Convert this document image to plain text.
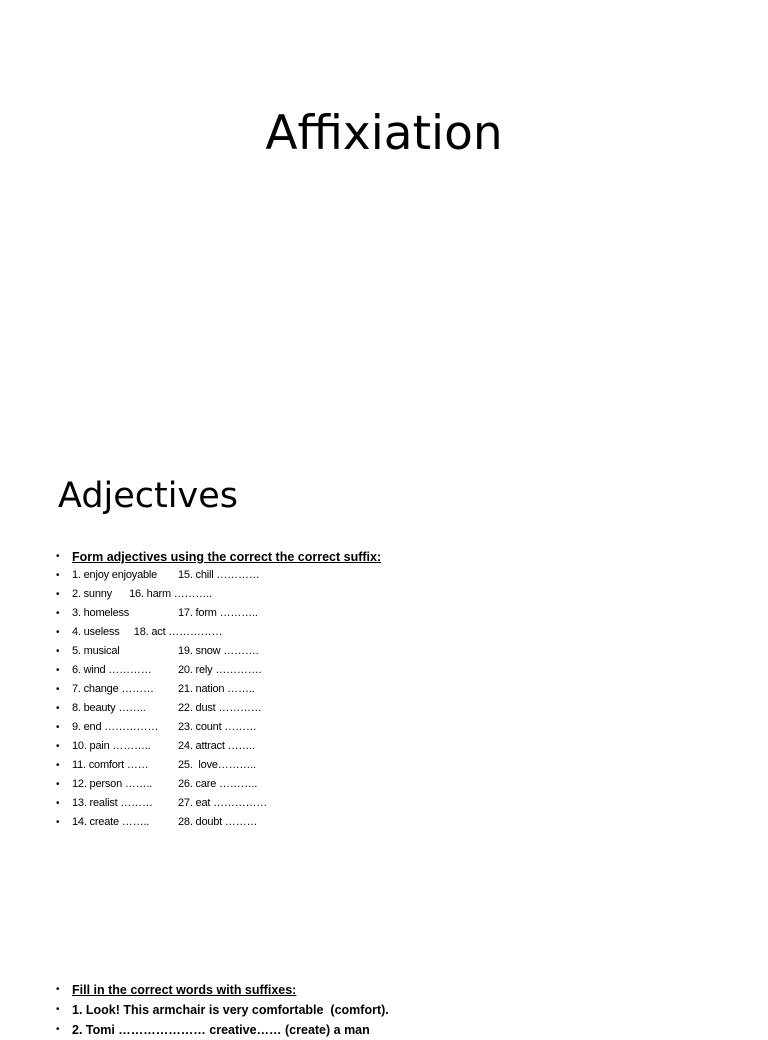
Affixiation
Adjectives
• Form adjectives using the correct the correct suffix:
• 1. enjoy enjoyable 15. chill …………
• 2. sunny      16. harm ………..
• 3. homeless	17. form ………..
• 4. useless     18. act ……………
• 5. musical	19. snow ……….
• 6. wind ………… 20. rely ………….
• 7. change ……… 21. nation ……..
• 8. beauty ……..	22. dust …………
• 9. end …………… 23. count ………
• 10. pain ……….. 24. attract ……..
• 11. comfort ……	25.  love………..
• 12. person …….. 26. care ………..
• 13. realist ……… 27. eat ……………
• 14. create ……..	28. doubt ………
• Fill in the correct words with suffixes:
• 1. Look! This armchair is very comfortable  (comfort).
• 2. Tomi ………………… creative…… (create) a man
